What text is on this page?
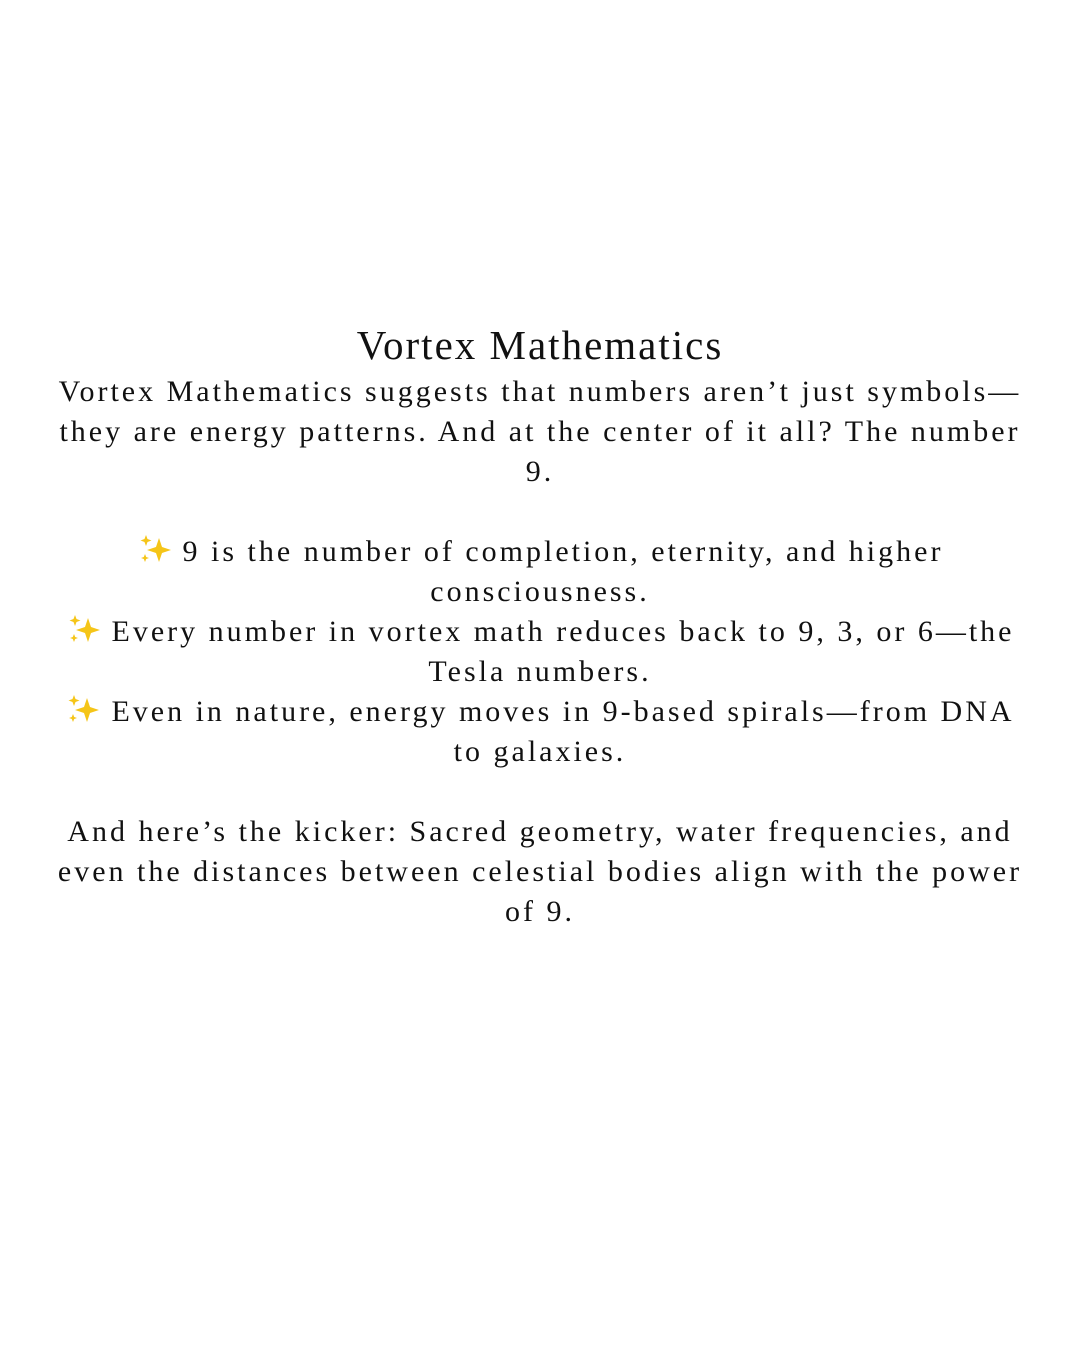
Vortex Mathematics

Vortex Mathematics suggests that numbers aren’t just symbols—they are energy patterns. And at the center of it all? The number 9.

9 is the number of completion, eternity, and higher consciousness.

Every number in vortex math reduces back to 9, 3, or 6—the Tesla numbers.

Even in nature, energy moves in 9-based spirals—from DNA to galaxies.

And here’s the kicker: Sacred geometry, water frequencies, and even the distances between celestial bodies align with the power of 9.
